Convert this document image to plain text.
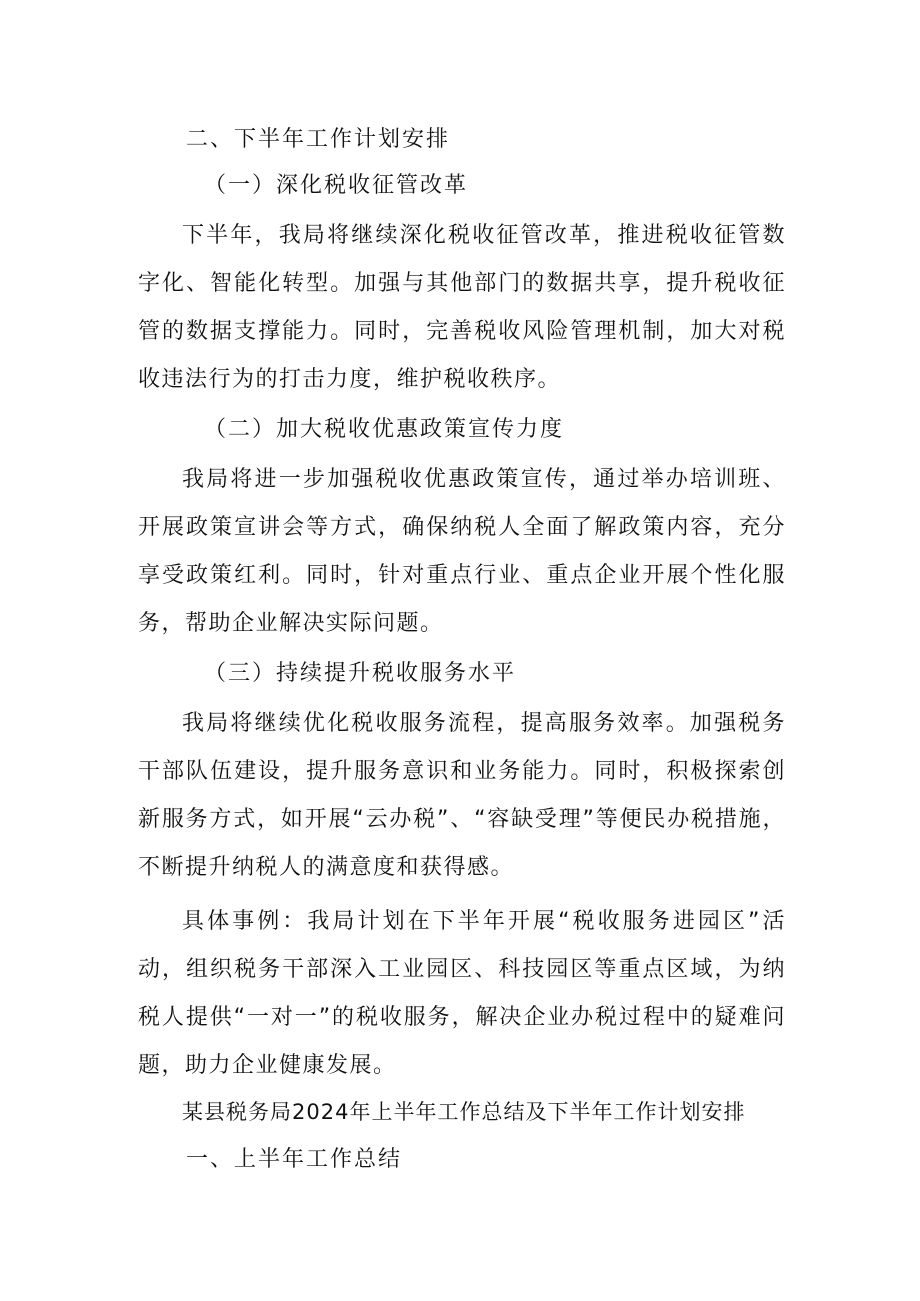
二、下半年工作计划安排

（一）深化税收征管改革

下半年，我局将继续深化税收征管改革，推进税收征管数字化、智能化转型。加强与其他部门的数据共享，提升税收征管的数据支撑能力。同时，完善税收风险管理机制，加大对税收违法行为的打击力度，维护税收秩序。

（二）加大税收优惠政策宣传力度

我局将进一步加强税收优惠政策宣传，通过举办培训班、开展政策宣讲会等方式，确保纳税人全面了解政策内容，充分享受政策红利。同时，针对重点行业、重点企业开展个性化服务，帮助企业解决实际问题。

（三）持续提升税收服务水平

我局将继续优化税收服务流程，提高服务效率。加强税务干部队伍建设，提升服务意识和业务能力。同时，积极探索创新服务方式，如开展“云办税”、“容缺受理”等便民办税措施，不断提升纳税人的满意度和获得感。

具体事例：我局计划在下半年开展“税收服务进园区”活动，组织税务干部深入工业园区、科技园区等重点区域，为纳税人提供“一对一”的税收服务，解决企业办税过程中的疑难问题，助力企业健康发展。

某县税务局2024年上半年工作总结及下半年工作计划安排

一、上半年工作总结
